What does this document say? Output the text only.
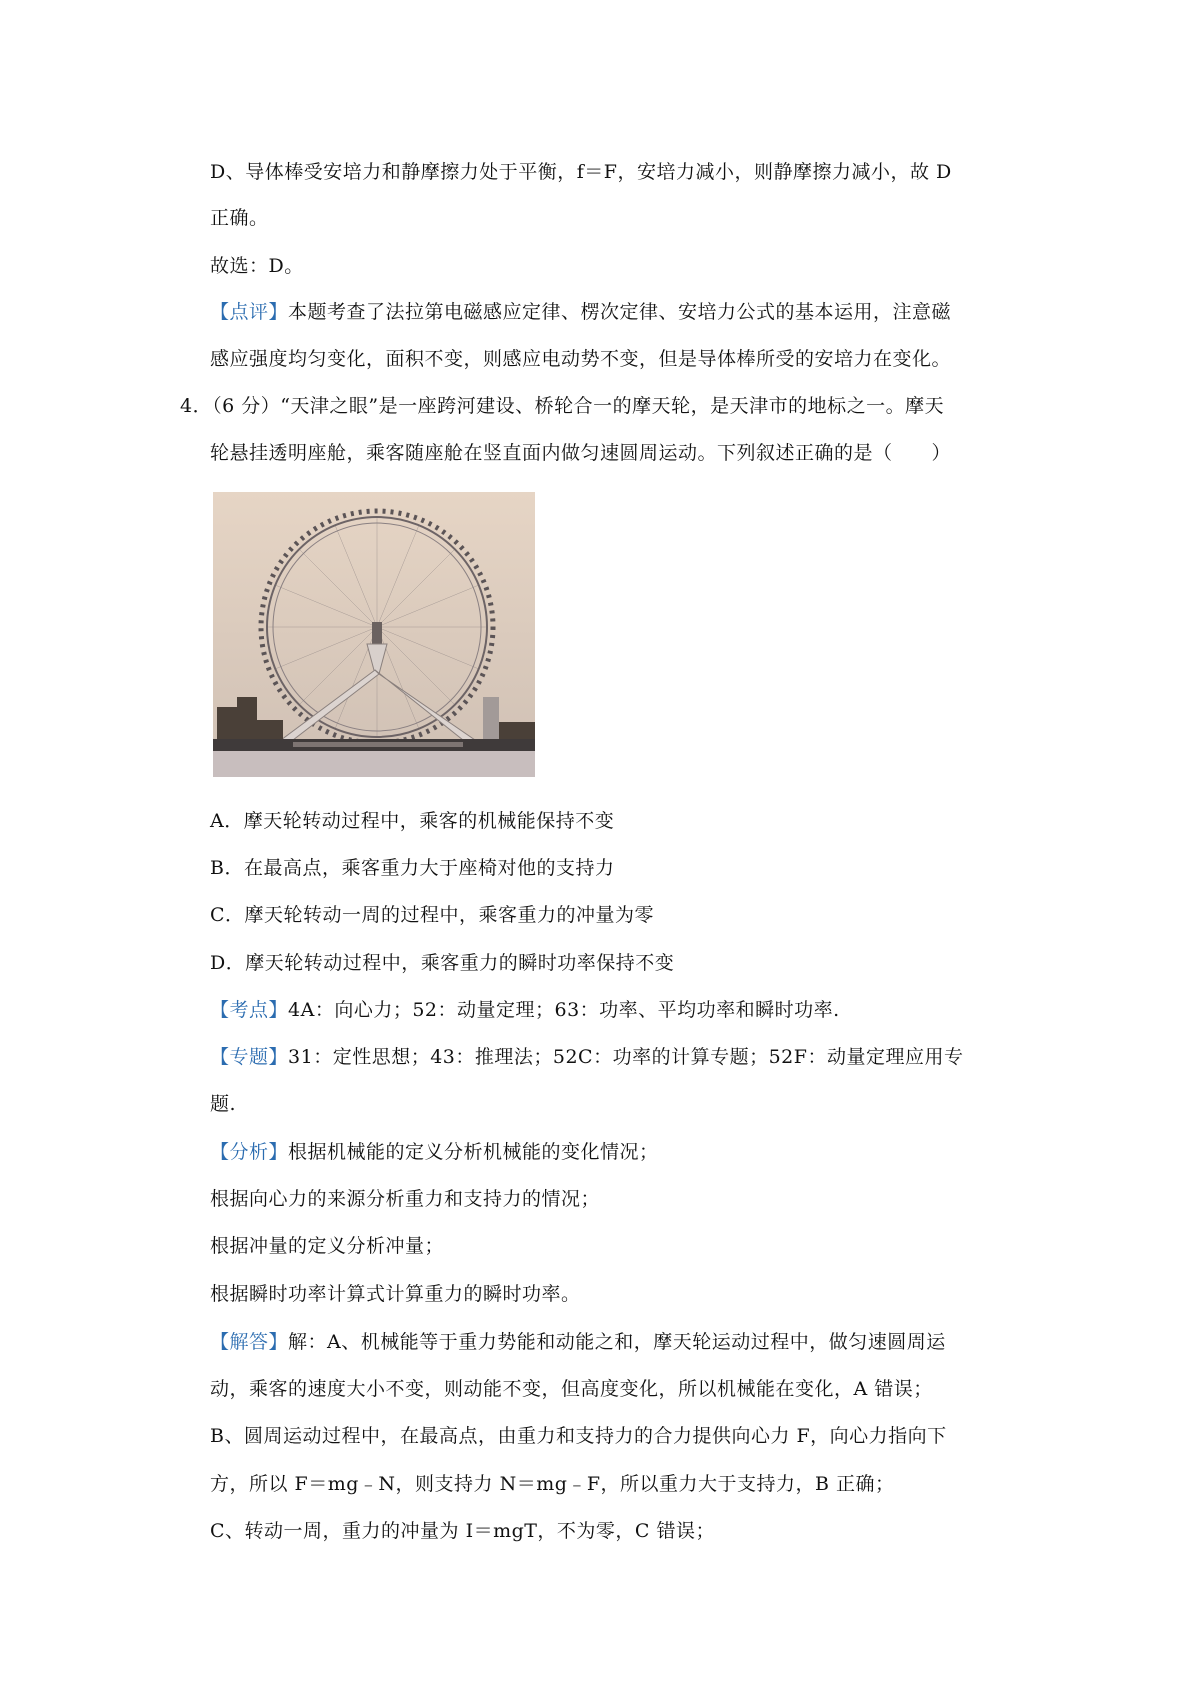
D、导体棒受安培力和静摩擦力处于平衡，f＝F，安培力减小，则静摩擦力减小，故 D
正确。
故选：D。
【点评】本题考查了法拉第电磁感应定律、楞次定律、安培力公式的基本运用，注意磁
感应强度均匀变化，面积不变，则感应电动势不变，但是导体棒所受的安培力在变化。
4．（6 分）“天津之眼”是一座跨河建设、桥轮合一的摩天轮，是天津市的地标之一。摩天
轮悬挂透明座舱，乘客随座舱在竖直面内做匀速圆周运动。下列叙述正确的是（　　）
A．摩天轮转动过程中，乘客的机械能保持不变
B．在最高点，乘客重力大于座椅对他的支持力
C．摩天轮转动一周的过程中，乘客重力的冲量为零
D．摩天轮转动过程中，乘客重力的瞬时功率保持不变
【考点】4A：向心力；52：动量定理；63：功率、平均功率和瞬时功率.
【专题】31：定性思想；43：推理法；52C：功率的计算专题；52F：动量定理应用专
题.
【分析】根据机械能的定义分析机械能的变化情况；
根据向心力的来源分析重力和支持力的情况；
根据冲量的定义分析冲量；
根据瞬时功率计算式计算重力的瞬时功率。
【解答】解：A、机械能等于重力势能和动能之和，摩天轮运动过程中，做匀速圆周运
动，乘客的速度大小不变，则动能不变，但高度变化，所以机械能在变化，A 错误；
B、圆周运动过程中，在最高点，由重力和支持力的合力提供向心力 F，向心力指向下
方，所以 F＝mg﹣N，则支持力 N＝mg﹣F，所以重力大于支持力，B 正确；
C、转动一周，重力的冲量为 I＝mgT，不为零，C 错误；
